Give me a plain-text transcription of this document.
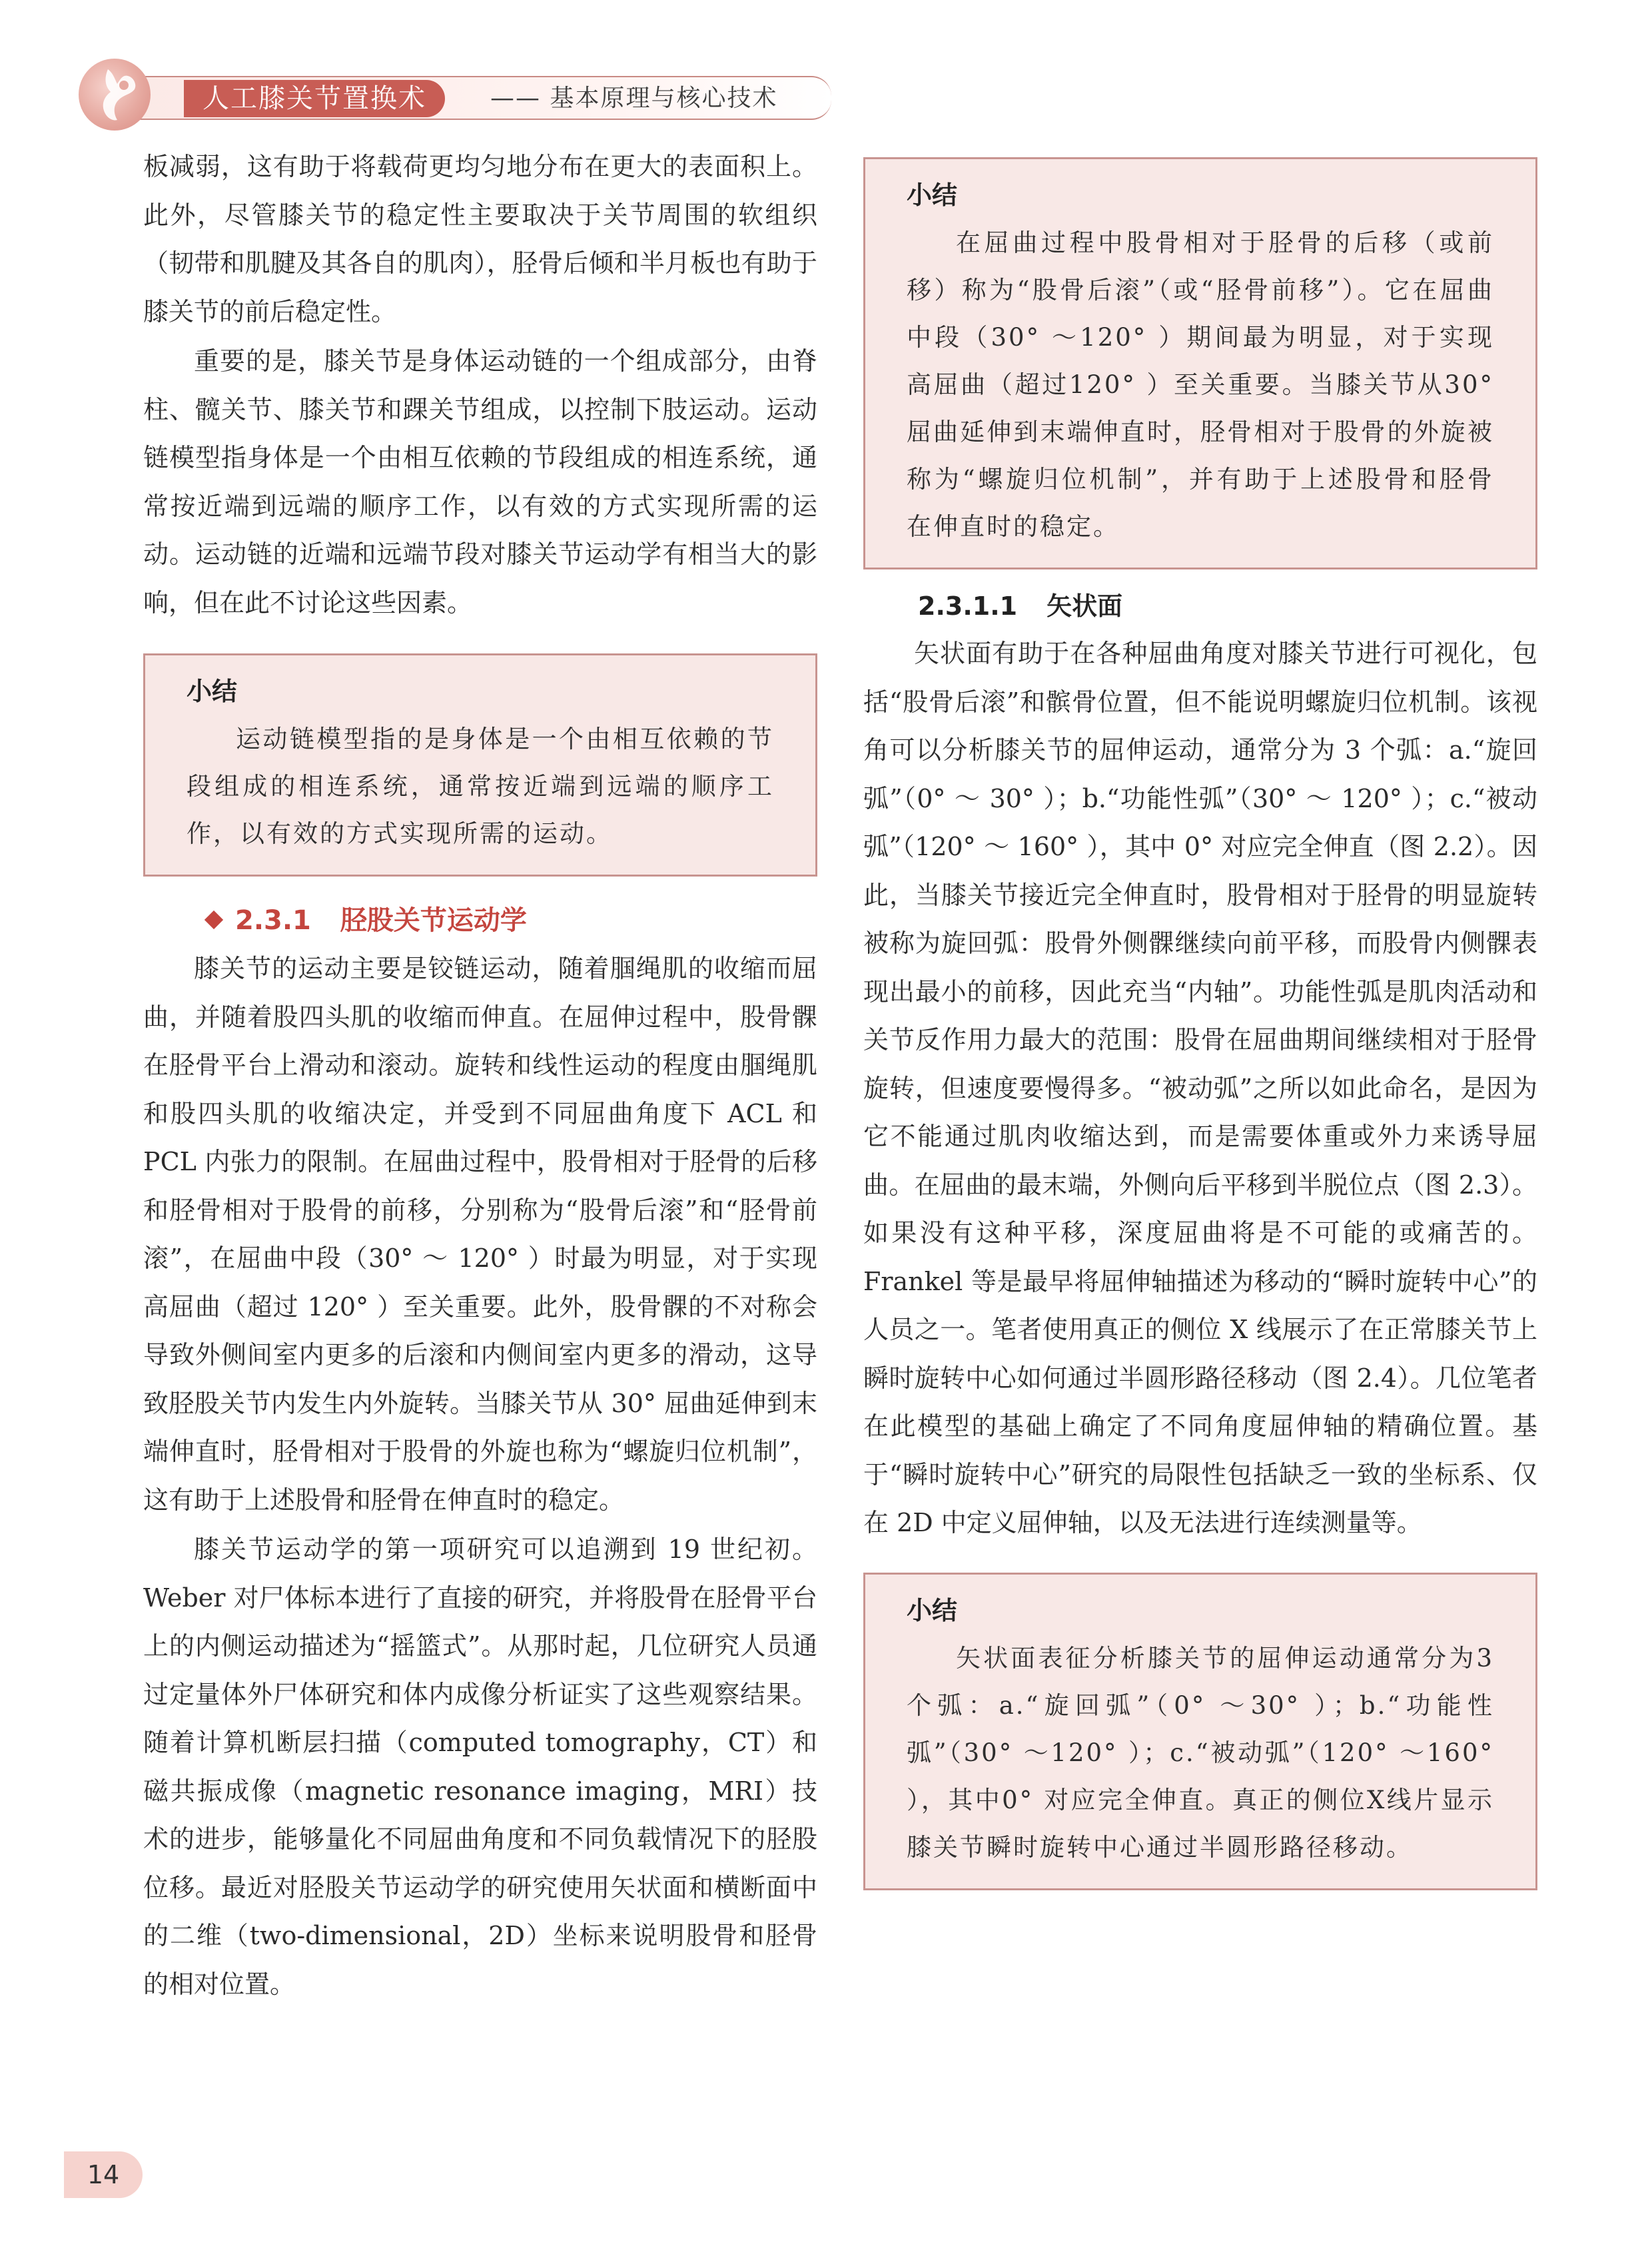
人工膝关节置换术	—— 基本原理与核心技术

板减弱，这有助于将载荷更均匀地分布在更大的表面积上。此外，尽管膝关节的稳定性主要取决于关节周围的软组织（韧带和肌腱及其各自的肌肉），胫骨后倾和半月板也有助于膝关节的前后稳定性。

重要的是，膝关节是身体运动链的一个组成部分，由脊柱、髋关节、膝关节和踝关节组成，以控制下肢运动。运动链模型指身体是一个由相互依赖的节段组成的相连系统，通常按近端到远端的顺序工作，以有效的方式实现所需的运动。运动链的近端和远端节段对膝关节运动学有相当大的影响，但在此不讨论这些因素。

小结

运动链模型指的是身体是一个由相互依赖的节段组成的相连系统，通常按近端到远端的顺序工作，以有效的方式实现所需的运动。

2.3.1 胫股关节运动学

膝关节的运动主要是铰链运动，随着腘绳肌的收缩而屈曲，并随着股四头肌的收缩而伸直。在屈伸过程中，股骨髁在胫骨平台上滑动和滚动。旋转和线性运动的程度由腘绳肌和股四头肌的收缩决定，并受到不同屈曲角度下 ACL 和 PCL 内张力的限制。在屈曲过程中，股骨相对于胫骨的后移和胫骨相对于股骨的前移，分别称为“股骨后滚”和“胫骨前滚”，在屈曲中段（30° ～ 120° ）时最为明显，对于实现高屈曲（超过 120° ）至关重要。此外，股骨髁的不对称会导致外侧间室内更多的后滚和内侧间室内更多的滑动，这导致胫股关节内发生内外旋转。当膝关节从 30° 屈曲延伸到末端伸直时，胫骨相对于股骨的外旋也称为“螺旋归位机制”，这有助于上述股骨和胫骨在伸直时的稳定。

膝关节运动学的第一项研究可以追溯到 19 世纪初。Weber 对尸体标本进行了直接的研究，并将股骨在胫骨平台上的内侧运动描述为“摇篮式”。从那时起，几位研究人员通过定量体外尸体研究和体内成像分析证实了这些观察结果。随着计算机断层扫描（computed tomography，CT）和磁共振成像（magnetic resonance imaging，MRI）技术的进步，能够量化不同屈曲角度和不同负载情况下的胫股位移。最近对胫股关节运动学的研究使用矢状面和横断面中的二维（two-dimensional，2D）坐标来说明股骨和胫骨的相对位置。

小结

在屈曲过程中股骨相对于胫骨的后移（或前移）称为“股骨后滚”（或“胫骨前移”）。它在屈曲中段（30° ～120° ）期间最为明显，对于实现高屈曲（超过120° ）至关重要。当膝关节从30° 屈曲延伸到末端伸直时，胫骨相对于股骨的外旋被称为“螺旋归位机制”，并有助于上述股骨和胫骨在伸直时的稳定。

2.3.1.1 矢状面

矢状面有助于在各种屈曲角度对膝关节进行可视化，包括“股骨后滚”和髌骨位置，但不能说明螺旋归位机制。该视角可以分析膝关节的屈伸运动，通常分为 3 个弧：a.“旋回弧”（0° ～ 30° ）；b.“功能性弧”（30° ～ 120° ）；c.“被动弧”（120° ～ 160° ），其中 0° 对应完全伸直（图 2.2）。因此，当膝关节接近完全伸直时，股骨相对于胫骨的明显旋转被称为旋回弧：股骨外侧髁继续向前平移，而股骨内侧髁表现出最小的前移，因此充当“内轴”。功能性弧是肌肉活动和关节反作用力最大的范围：股骨在屈曲期间继续相对于胫骨旋转，但速度要慢得多。“被动弧”之所以如此命名，是因为它不能通过肌肉收缩达到，而是需要体重或外力来诱导屈曲。在屈曲的最末端，外侧向后平移到半脱位点（图 2.3）。如果没有这种平移，深度屈曲将是不可能的或痛苦的。Frankel 等是最早将屈伸轴描述为移动的“瞬时旋转中心”的人员之一。笔者使用真正的侧位 X 线展示了在正常膝关节上瞬时旋转中心如何通过半圆形路径移动（图 2.4）。几位笔者在此模型的基础上确定了不同角度屈伸轴的精确位置。基于“瞬时旋转中心”研究的局限性包括缺乏一致的坐标系、仅在 2D 中定义屈伸轴，以及无法进行连续测量等。

小结

矢状面表征分析膝关节的屈伸运动通常分为3个弧：a.“旋回弧”（0° ～30° ）；b.“功能性弧”（30° ～120° ）；c.“被动弧”（120° ～160° ），其中0° 对应完全伸直。真正的侧位X线片显示膝关节瞬时旋转中心通过半圆形路径移动。

14
